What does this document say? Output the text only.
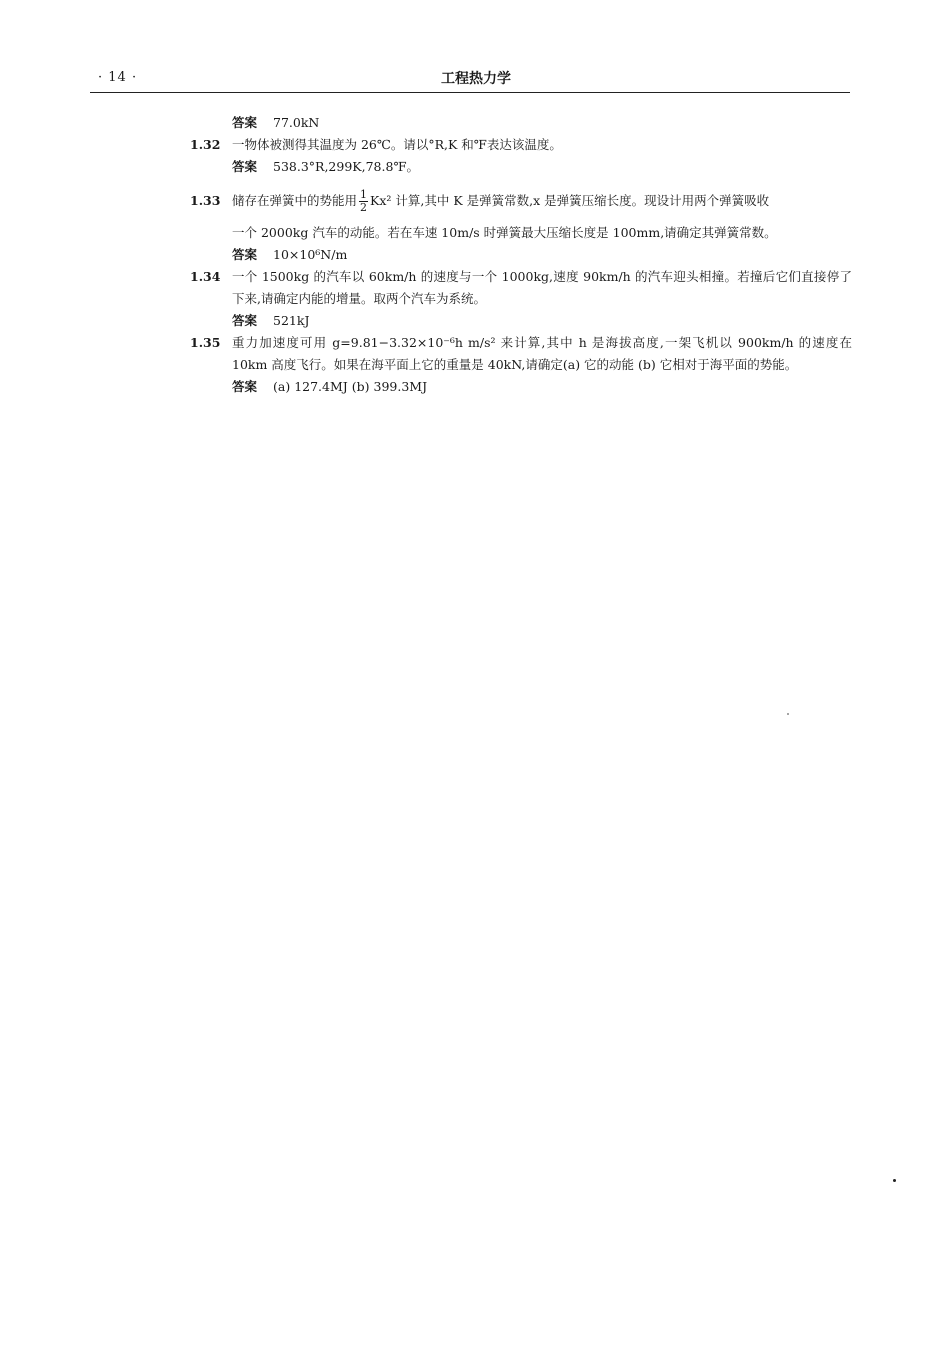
· 14 ·	工程热力学
答案 77.0kN
1.32 一物体被测得其温度为 26℃。请以°R,K 和℉表达该温度。
答案 538.3°R,299K,78.8℉。
1.33 储存在弹簧中的势能用 $\frac{1}{2} Kx^2$ 计算,其中 K 是弹簧常数,x 是弹簧压缩长度。现设计用两个弹簧吸收
一个 2000kg 汽车的动能。若在车速 10m/s 时弹簧最大压缩长度是 100mm,请确定其弹簧常数。
答案 10×10⁶N/m
1.34 一个 1500kg 的汽车以 60km/h 的速度与一个 1000kg,速度 90km/h 的汽车迎头相撞。若撞后它们直接停了下来,请确定内能的增量。取两个汽车为系统。
答案 521kJ
1.35 重力加速度可用 g=9.81−3.32×10⁻⁶h m/s² 来计算,其中 h 是海拔高度,一架飞机以 900km/h 的速度在 10km 高度飞行。如果在海平面上它的重量是 40kN,请确定(a) 它的动能 (b) 它相对于海平面的势能。
答案 (a) 127.4MJ (b) 399.3MJ
